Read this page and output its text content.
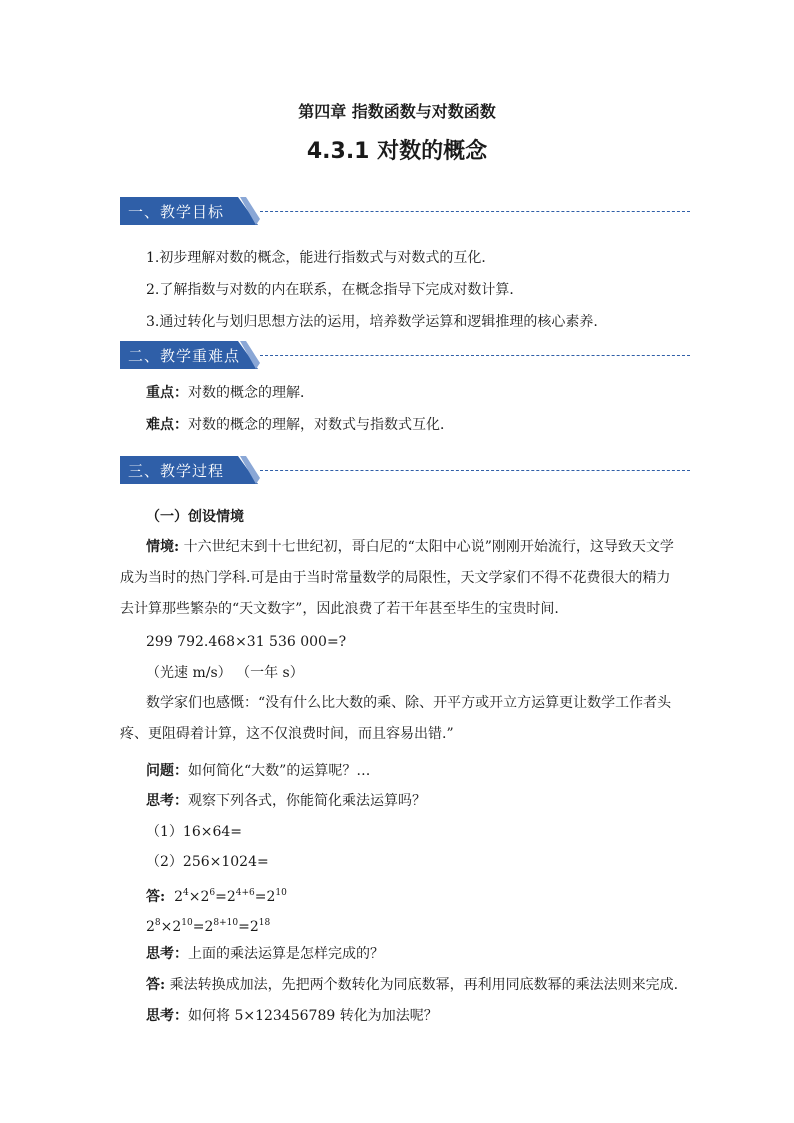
第四章 指数函数与对数函数
4.3.1 对数的概念
一、教学目标
1.初步理解对数的概念，能进行指数式与对数式的互化．
2.了解指数与对数的内在联系，在概念指导下完成对数计算．
3.通过转化与划归思想方法的运用，培养数学运算和逻辑推理的核心素养.
二、教学重难点
重点：对数的概念的理解．
难点：对数的概念的理解，对数式与指数式互化．
三、教学过程
（一）创设情境
情境: 十六世纪末到十七世纪初，哥白尼的“太阳中心说”刚刚开始流行，这导致天文学成为当时的热门学科.可是由于当时常量数学的局限性，天文学家们不得不花费很大的精力去计算那些繁杂的“天文数字”，因此浪费了若干年甚至毕生的宝贵时间.
299 792.468×31 536 000=?
（光速 m/s） （一年 s）
数学家们也感慨：“没有什么比大数的乘、除、开平方或开立方运算更让数学工作者头疼、更阻碍着计算，这不仅浪费时间，而且容易出错.”
问题：如何简化“大数”的运算呢？…
思考：观察下列各式，你能简化乘法运算吗？
（1）16×64=
（2）256×1024=
答: $2^4\times 2^6=2^{4+6}=2^{10}$
$2^8\times 2^{10}=2^{8+10}=2^{18}$
思考：上面的乘法运算是怎样完成的？
答: 乘法转换成加法，先把两个数转化为同底数幂，再利用同底数幂的乘法法则来完成.
思考：如何将 5×123456789 转化为加法呢？
